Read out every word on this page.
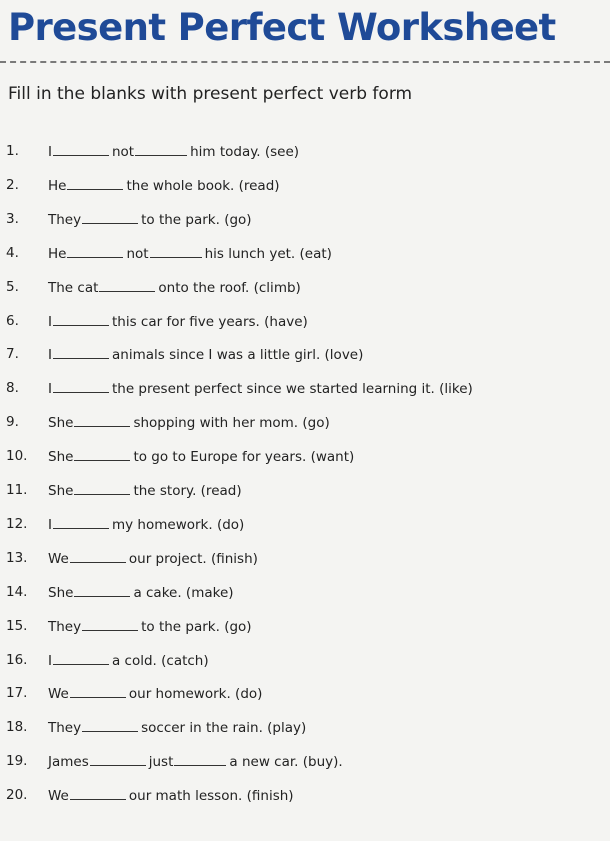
Present Perfect Worksheet
Fill in the blanks with present perfect verb form
1.	I	not	him today. (see)
2.	He	the whole book. (read)
3.	They	to the park. (go)
4.	He	not	his lunch yet. (eat)
5.	The cat	onto the roof. (climb)
6.	I	this car for five years. (have)
7.	I	animals since I was a little girl. (love)
8.	I	the present perfect since we started learning it. (like)
9.	She	shopping with her mom. (go)
10.	She	to go to Europe for years. (want)
11.	She	the story. (read)
12.	I	my homework. (do)
13.	We	our project. (finish)
14.	She	a cake. (make)
15.	They	to the park. (go)
16.	I	a cold. (catch)
17.	We	our homework. (do)
18.	They	soccer in the rain. (play)
19.	James	just	a new car. (buy).
20.	We	our math lesson. (finish)
